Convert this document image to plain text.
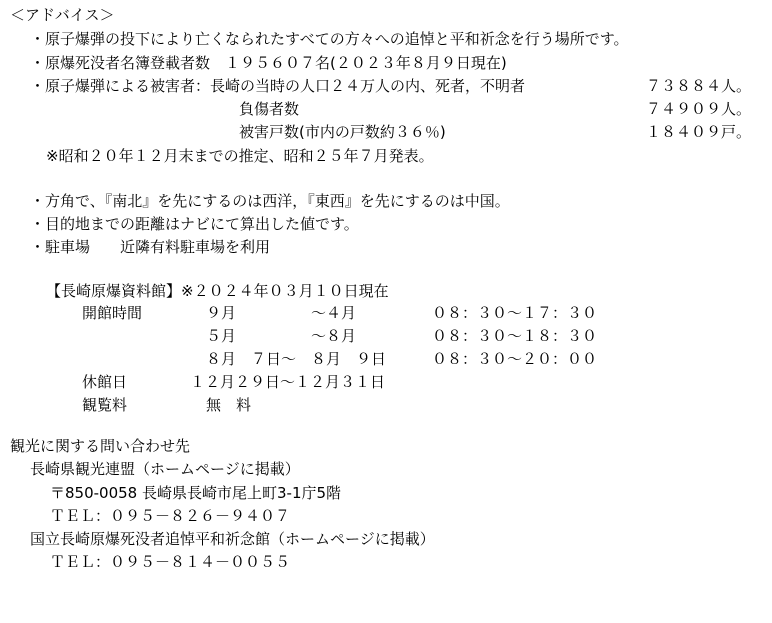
＜アドバイス＞
・原子爆弾の投下により亡くなられたすべての方々への追悼と平和祈念を行う場所です。
・原爆死没者名簿登載者数　１９５６０７名(２０２３年８月９日現在)
・原子爆弾による被害者：長崎の当時の人口２４万人の内、死者，不明者	７３８８４人。
負傷者数	７４９０９人。
被害戸数(市内の戸数約３６％)	１８４０９戸。
※昭和２０年１２月末までの推定、昭和２５年７月発表。
・方角で、『南北』を先にするのは西洋，『東西』を先にするのは中国。
・目的地までの距離はナビにて算出した値です。
・駐車場　　近隣有料駐車場を利用
【長崎原爆資料館】※２０２４年０３月１０日現在
開館時間	９月　　　　　～４月	０８：３０～１７：３０
５月　　　　　～８月	０８：３０～１８：３０
８月　７日～　８月　９日	０８：３０～２０：００
休館日	１２月２９日～１２月３１日
観覧料	無　料
観光に関する問い合わせ先
長崎県観光連盟（ホームページに掲載）
〒850-0058 長崎県長崎市尾上町3-1庁5階
ＴＥＬ：０９５－８２６－９４０７
国立長崎原爆死没者追悼平和祈念館（ホームページに掲載）
ＴＥＬ：０９５－８１４－００５５
